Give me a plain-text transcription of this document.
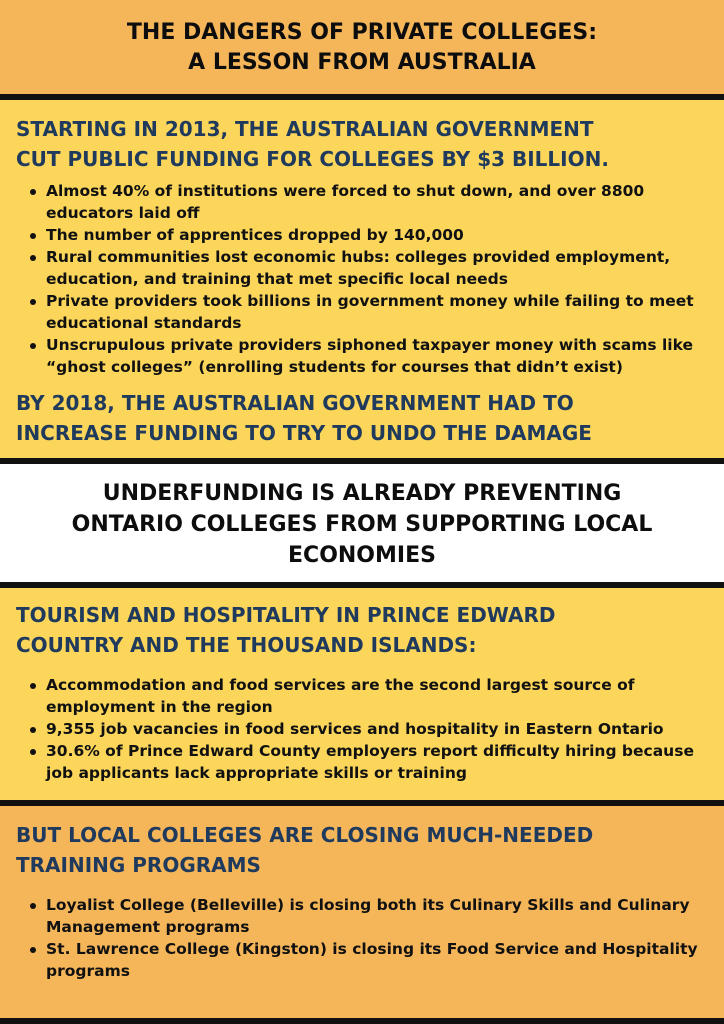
THE DANGERS OF PRIVATE COLLEGES:
A LESSON FROM AUSTRALIA
STARTING IN 2013, THE AUSTRALIAN GOVERNMENT
CUT PUBLIC FUNDING FOR COLLEGES BY $3 BILLION.
Almost 40% of institutions were forced to shut down, and over 8800 educators laid off
The number of apprentices dropped by 140,000
Rural communities lost economic hubs: colleges provided employment, education, and training that met specific local needs
Private providers took billions in government money while failing to meet educational standards
Unscrupulous private providers siphoned taxpayer money with scams like “ghost colleges” (enrolling students for courses that didn’t exist)
BY 2018, THE AUSTRALIAN GOVERNMENT HAD TO
INCREASE FUNDING TO TRY TO UNDO THE DAMAGE
UNDERFUNDING IS ALREADY PREVENTING
ONTARIO COLLEGES FROM SUPPORTING LOCAL
ECONOMIES
TOURISM AND HOSPITALITY IN PRINCE EDWARD
COUNTRY AND THE THOUSAND ISLANDS:
Accommodation and food services are the second largest source of employment in the region
9,355 job vacancies in food services and hospitality in Eastern Ontario
30.6% of Prince Edward County employers report difficulty hiring because job applicants lack appropriate skills or training
BUT LOCAL COLLEGES ARE CLOSING MUCH-NEEDED
TRAINING PROGRAMS
Loyalist College (Belleville) is closing both its Culinary Skills and Culinary Management programs
St. Lawrence College (Kingston) is closing its Food Service and Hospitality programs
